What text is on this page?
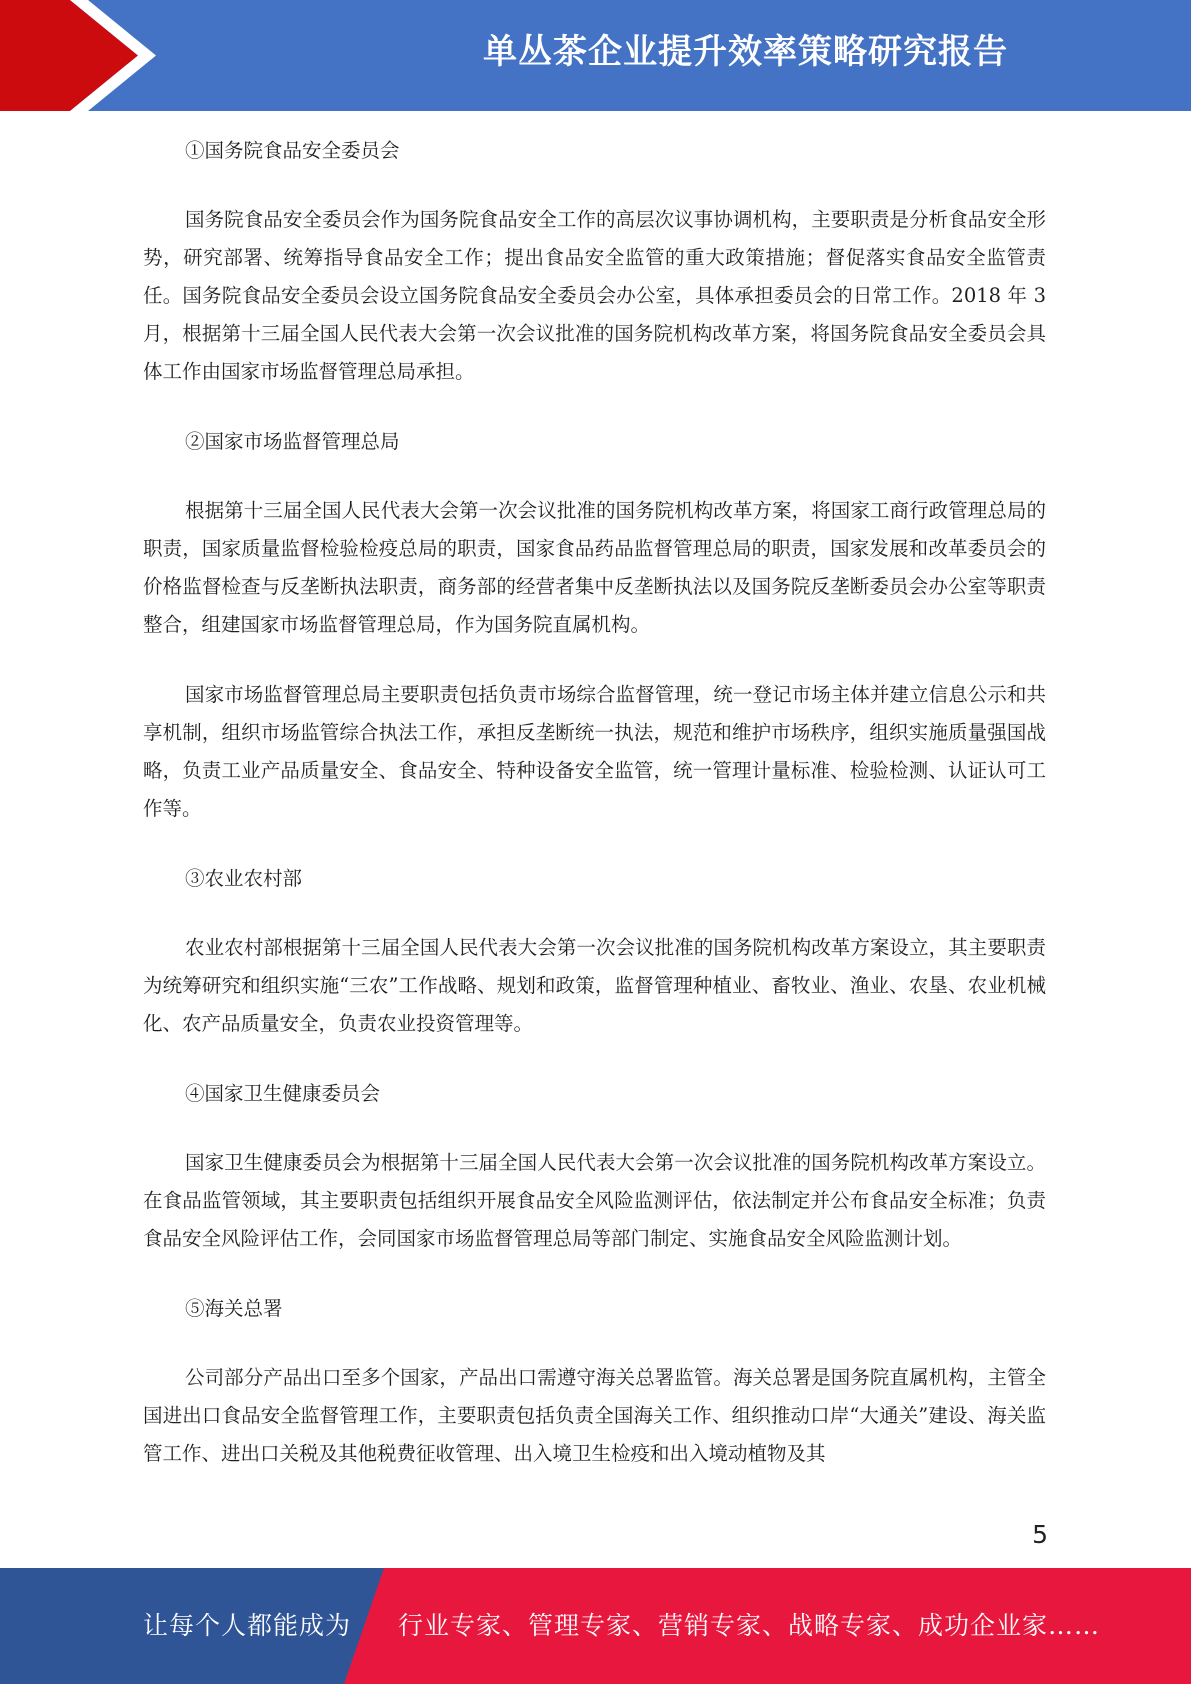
单丛茶企业提升效率策略研究报告

①国务院食品安全委员会

国务院食品安全委员会作为国务院食品安全工作的高层次议事协调机构，主要职责是分析食品安全形势，研究部署、统筹指导食品安全工作；提出食品安全监管的重大政策措施；督促落实食品安全监管责任。国务院食品安全委员会设立国务院食品安全委员会办公室，具体承担委员会的日常工作。2018 年 3 月，根据第十三届全国人民代表大会第一次会议批准的国务院机构改革方案，将国务院食品安全委员会具体工作由国家市场监督管理总局承担。

②国家市场监督管理总局

根据第十三届全国人民代表大会第一次会议批准的国务院机构改革方案，将国家工商行政管理总局的职责，国家质量监督检验检疫总局的职责，国家食品药品监督管理总局的职责，国家发展和改革委员会的价格监督检查与反垄断执法职责，商务部的经营者集中反垄断执法以及国务院反垄断委员会办公室等职责整合，组建国家市场监督管理总局，作为国务院直属机构。

国家市场监督管理总局主要职责包括负责市场综合监督管理，统一登记市场主体并建立信息公示和共享机制，组织市场监管综合执法工作，承担反垄断统一执法，规范和维护市场秩序，组织实施质量强国战略，负责工业产品质量安全、食品安全、特种设备安全监管，统一管理计量标准、检验检测、认证认可工作等。

③农业农村部

农业农村部根据第十三届全国人民代表大会第一次会议批准的国务院机构改革方案设立，其主要职责为统筹研究和组织实施“三农”工作战略、规划和政策，监督管理种植业、畜牧业、渔业、农垦、农业机械化、农产品质量安全，负责农业投资管理等。

④国家卫生健康委员会

国家卫生健康委员会为根据第十三届全国人民代表大会第一次会议批准的国务院机构改革方案设立。在食品监管领域，其主要职责包括组织开展食品安全风险监测评估，依法制定并公布食品安全标准；负责食品安全风险评估工作，会同国家市场监督管理总局等部门制定、实施食品安全风险监测计划。

⑤海关总署

公司部分产品出口至多个国家，产品出口需遵守海关总署监管。海关总署是国务院直属机构，主管全国进出口食品安全监督管理工作，主要职责包括负责全国海关工作、组织推动口岸“大通关”建设、海关监管工作、进出口关税及其他税费征收管理、出入境卫生检疫和出入境动植物及其

5
让每个人都能成为 行业专家、管理专家、营销专家、战略专家、成功企业家……
